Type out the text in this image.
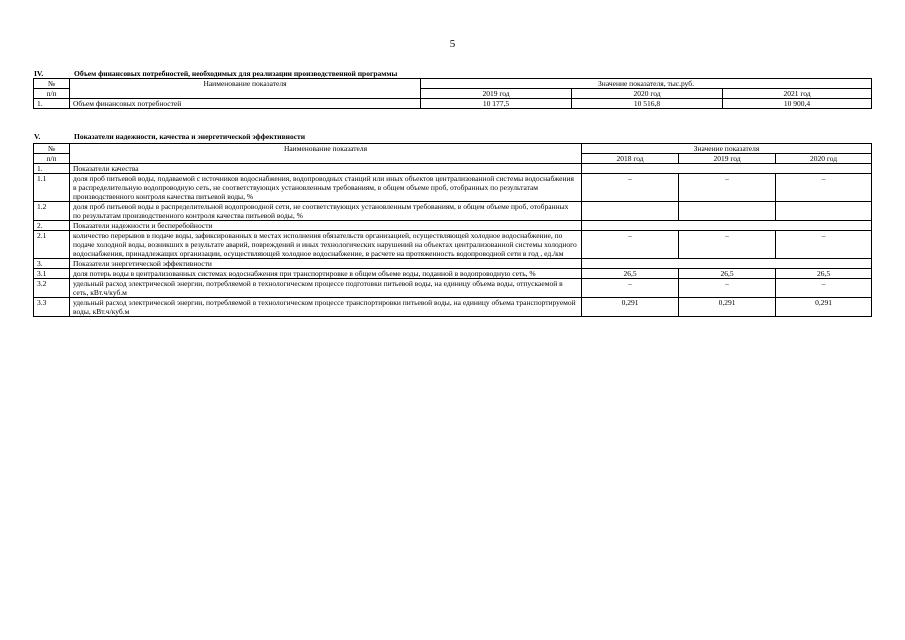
5
IV.	Объем финансовых потребностей, необходимых для реализации производственной программы
№	Наименование показателя	Значение показателя, тыс.руб.		
п/п		2019 год	2020 год	2021 год
1.	Объем финансовых потребностей	10 177,5	10 516,8	10 900,4
V.	Показатели надежности, качества и энергетической эффективности
№	Наименование показателя	Значение показателя		
п/п		2018 год	2019 год	2020 год
1.	Показатели качества			
1.1	доля проб питьевой воды, подаваемой с источников водоснабжения, водопроводных станций или иных объектов централизованной системы водоснабжения в распределительную водопроводную сеть, не соответствующих установленным требованиям, в общем объеме проб, отобранных по результатам производственного контроля качества питьевой воды, %	–	–	–
1.2	доля проб питьевой воды в распределительной водопроводной сети, не соответствующих установленным требованиям, в общем объеме проб, отобранных по результатам производственного контроля качества питьевой воды, %			
2.	Показатели надежности и бесперебойности			
2.1	количество перерывов в подаче воды, зафиксированных в местах исполнения обязательств организацией, осуществляющей холодное водоснабжение, по подаче холодной воды, возникших в результате аварий, повреждений и иных технологических нарушений на объектах централизованной системы холодного водоснабжения, принадлежащих организации, осуществляющей холодное водоснабжение, в расчете на протяженность водопроводной сети в год , ед./км	–	–	–
3.	Показатели энергетической эффективности			
3.1	доля потерь воды в централизованных системах водоснабжения при транспортировке в общем объеме воды, поданной в водопроводную сеть, %	26,5	26,5	26,5
3.2	удельный расход электрической энергии, потребляемой в технологическом процессе подготовки питьевой воды, на единицу объема воды, отпускаемой в сеть, кВт.ч/куб.м	–	–	–
3.3	удельный расход электрической энергии, потребляемой в технологическом процессе транспортировки питьевой воды, на единицу объема транспортируемой воды, кВт.ч/куб.м	0,291	0,291	0,291
